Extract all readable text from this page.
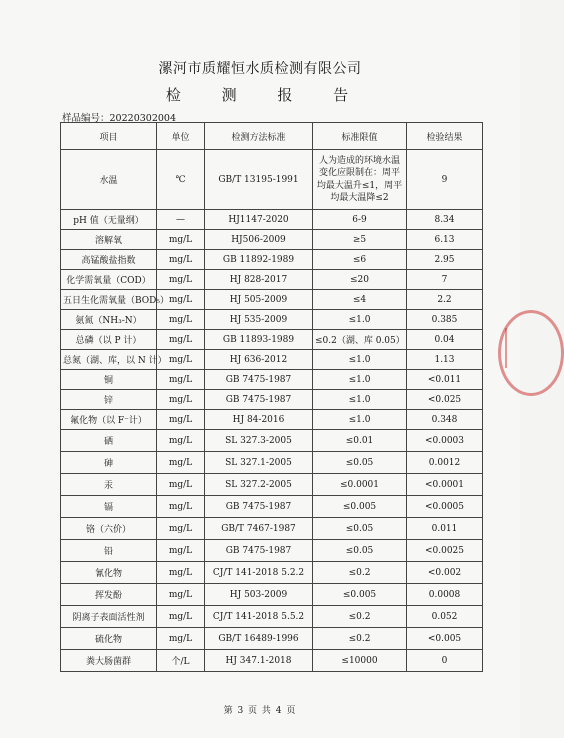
漯河市质耀恒水质检测有限公司
检 测 报 告
样品编号：20220302004
项目	单位	检测方法标准	标准限值	检验结果
水温	℃	GB/T 13195-1991	人为造成的环境水温变化应限制在：周平均最大温升≤1，周平均最大温降≤2	9
pH 值（无量纲）	—	HJ1147-2020	6-9	8.34
溶解氧	mg/L	HJ506-2009	≥5	6.13
高锰酸盐指数	mg/L	GB 11892-1989	≤6	2.95
化学需氧量（COD）	mg/L	HJ 828-2017	≤20	7
五日生化需氧量（BOD₅）	mg/L	HJ 505-2009	≤4	2.2
氨氮（NH₃-N）	mg/L	HJ 535-2009	≤1.0	0.385
总磷（以 P 计）	mg/L	GB 11893-1989	≤0.2（湖、库 0.05）	0.04
总氮（湖、库，以 N 计）	mg/L	HJ 636-2012	≤1.0	1.13
铜	mg/L	GB 7475-1987	≤1.0	<0.011
锌	mg/L	GB 7475-1987	≤1.0	<0.025
氟化物（以 F⁻计）	mg/L	HJ 84-2016	≤1.0	0.348
硒	mg/L	SL 327.3-2005	≤0.01	<0.0003
砷	mg/L	SL 327.1-2005	≤0.05	0.0012
汞	mg/L	SL 327.2-2005	≤0.0001	<0.0001
镉	mg/L	GB 7475-1987	≤0.005	<0.0005
铬（六价）	mg/L	GB/T 7467-1987	≤0.05	0.011
铅	mg/L	GB 7475-1987	≤0.05	<0.0025
氰化物	mg/L	CJ/T 141-2018 5.2.2	≤0.2	<0.002
挥发酚	mg/L	HJ 503-2009	≤0.005	0.0008
阴离子表面活性剂	mg/L	CJ/T 141-2018 5.5.2	≤0.2	0.052
硫化物	mg/L	GB/T 16489-1996	≤0.2	<0.005
粪大肠菌群	个/L	HJ 347.1-2018	≤10000	0
第 3 页 共 4 页
